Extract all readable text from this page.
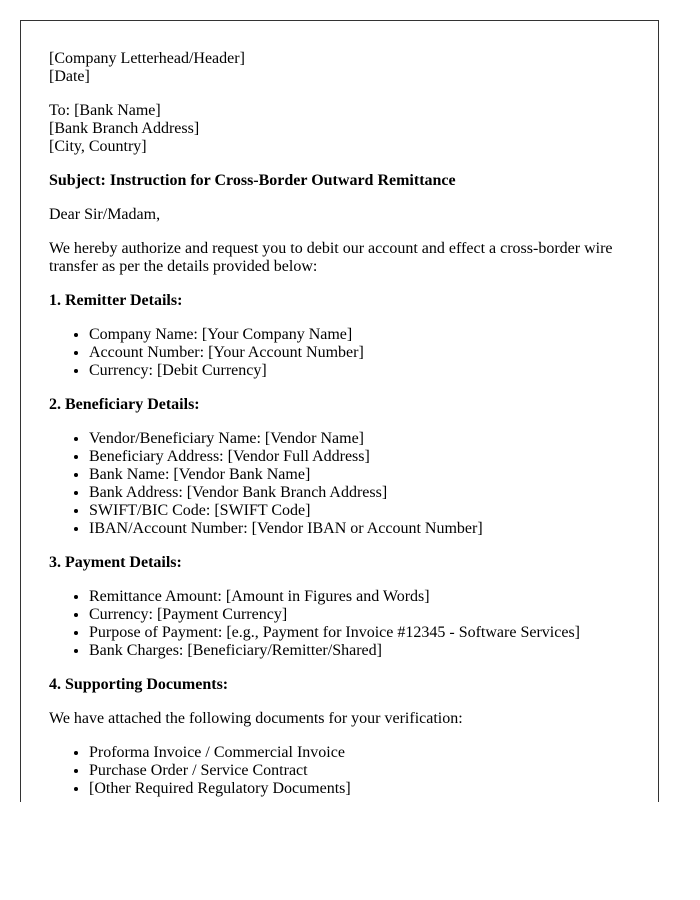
[Company Letterhead/Header]
[Date]

To: [Bank Name]
[Bank Branch Address]
[City, Country]

Subject: Instruction for Cross-Border Outward Remittance

Dear Sir/Madam,

We hereby authorize and request you to debit our account and effect a cross-border wire transfer as per the details provided below:

1. Remitter Details:

• Company Name: [Your Company Name]
• Account Number: [Your Account Number]
• Currency: [Debit Currency]

2. Beneficiary Details:

• Vendor/Beneficiary Name: [Vendor Name]
• Beneficiary Address: [Vendor Full Address]
• Bank Name: [Vendor Bank Name]
• Bank Address: [Vendor Bank Branch Address]
• SWIFT/BIC Code: [SWIFT Code]
• IBAN/Account Number: [Vendor IBAN or Account Number]

3. Payment Details:

• Remittance Amount: [Amount in Figures and Words]
• Currency: [Payment Currency]
• Purpose of Payment: [e.g., Payment for Invoice #12345 - Software Services]
• Bank Charges: [Beneficiary/Remitter/Shared]

4. Supporting Documents:

We have attached the following documents for your verification:

• Proforma Invoice / Commercial Invoice
• Purchase Order / Service Contract
• [Other Required Regulatory Documents]
